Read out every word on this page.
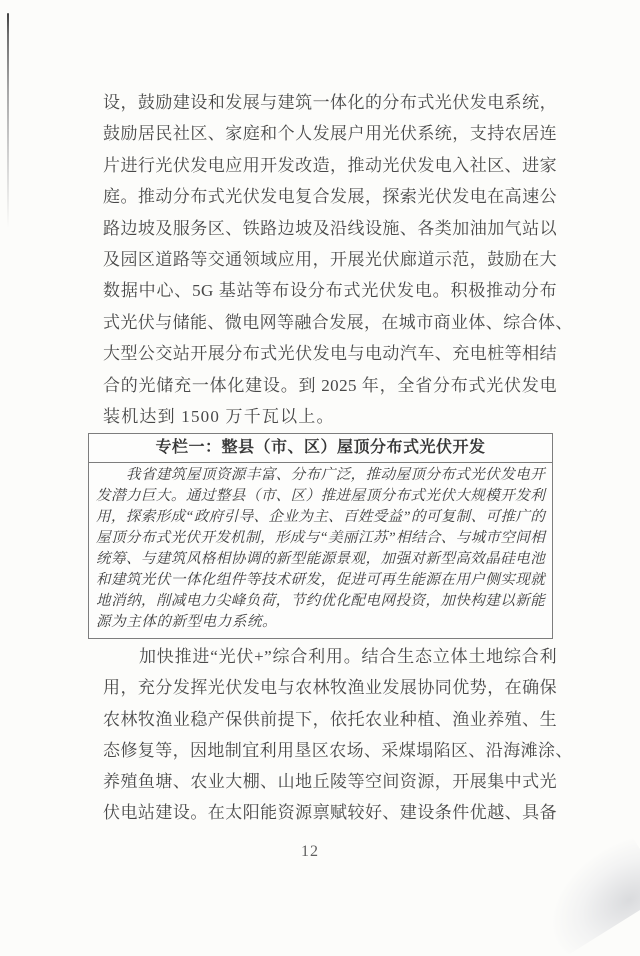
设，鼓励建设和发展与建筑一体化的分布式光伏发电系统，
鼓励居民社区、家庭和个人发展户用光伏系统，支持农居连
片进行光伏发电应用开发改造，推动光伏发电入社区、进家
庭。推动分布式光伏发电复合发展，探索光伏发电在高速公
路边坡及服务区、铁路边坡及沿线设施、各类加油加气站以
及园区道路等交通领域应用，开展光伏廊道示范，鼓励在大
数据中心、5G 基站等布设分布式光伏发电。积极推动分布
式光伏与储能、微电网等融合发展，在城市商业体、综合体、
大型公交站开展分布式光伏发电与电动汽车、充电桩等相结
合的光储充一体化建设。到 2025 年，全省分布式光伏发电
装机达到 1500 万千瓦以上。
专栏一：整县（市、区）屋顶分布式光伏开发
我省建筑屋顶资源丰富、分布广泛，推动屋顶分布式光伏发电开
发潜力巨大。通过整县（市、区）推进屋顶分布式光伏大规模开发利
用，探索形成“政府引导、企业为主、百姓受益”的可复制、可推广的
屋顶分布式光伏开发机制，形成与“美丽江苏”相结合、与城市空间相
统筹、与建筑风格相协调的新型能源景观，加强对新型高效晶硅电池
和建筑光伏一体化组件等技术研发，促进可再生能源在用户侧实现就
地消纳，削减电力尖峰负荷，节约优化配电网投资，加快构建以新能
源为主体的新型电力系统。
加快推进“光伏+”综合利用。结合生态立体土地综合利
用，充分发挥光伏发电与农林牧渔业发展协同优势，在确保
农林牧渔业稳产保供前提下，依托农业种植、渔业养殖、生
态修复等，因地制宜利用垦区农场、采煤塌陷区、沿海滩涂、
养殖鱼塘、农业大棚、山地丘陵等空间资源，开展集中式光
伏电站建设。在太阳能资源禀赋较好、建设条件优越、具备
12
